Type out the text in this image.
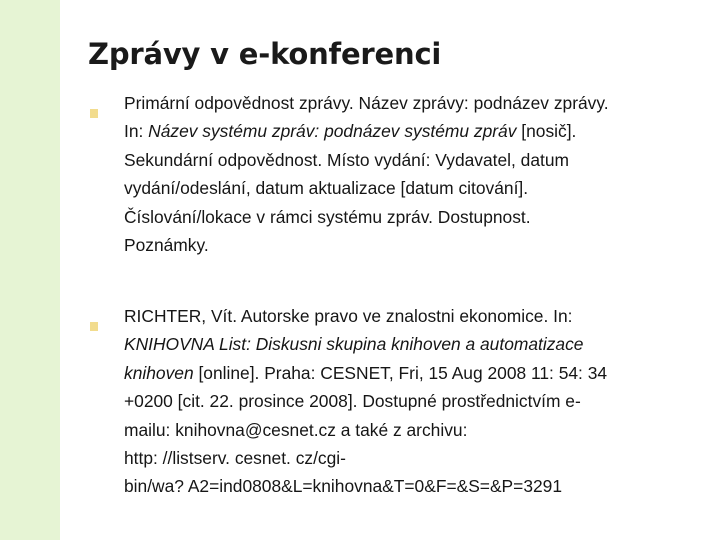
Zprávy v e-konferenci

Primární odpovědnost zprávy. Název zprávy: podnázev zprávy.
In: Název systému zpráv: podnázev systému zpráv [nosič].
Sekundární odpovědnost. Místo vydání: Vydavatel, datum
vydání/odeslání, datum aktualizace [datum citování].
Číslování/lokace v rámci systému zpráv. Dostupnost.
Poznámky.

RICHTER, Vít. Autorske pravo ve znalostni ekonomice. In:
KNIHOVNA List: Diskusni skupina knihoven a automatizace
knihoven [online]. Praha: CESNET, Fri, 15 Aug 2008 11: 54: 34
+0200 [cit. 22. prosince 2008]. Dostupné prostřednictvím e-
mailu: knihovna@cesnet.cz a také z archivu:
http: //listserv. cesnet. cz/cgi-
bin/wa? A2=ind0808&L=knihovna&T=0&F=&S=&P=3291
